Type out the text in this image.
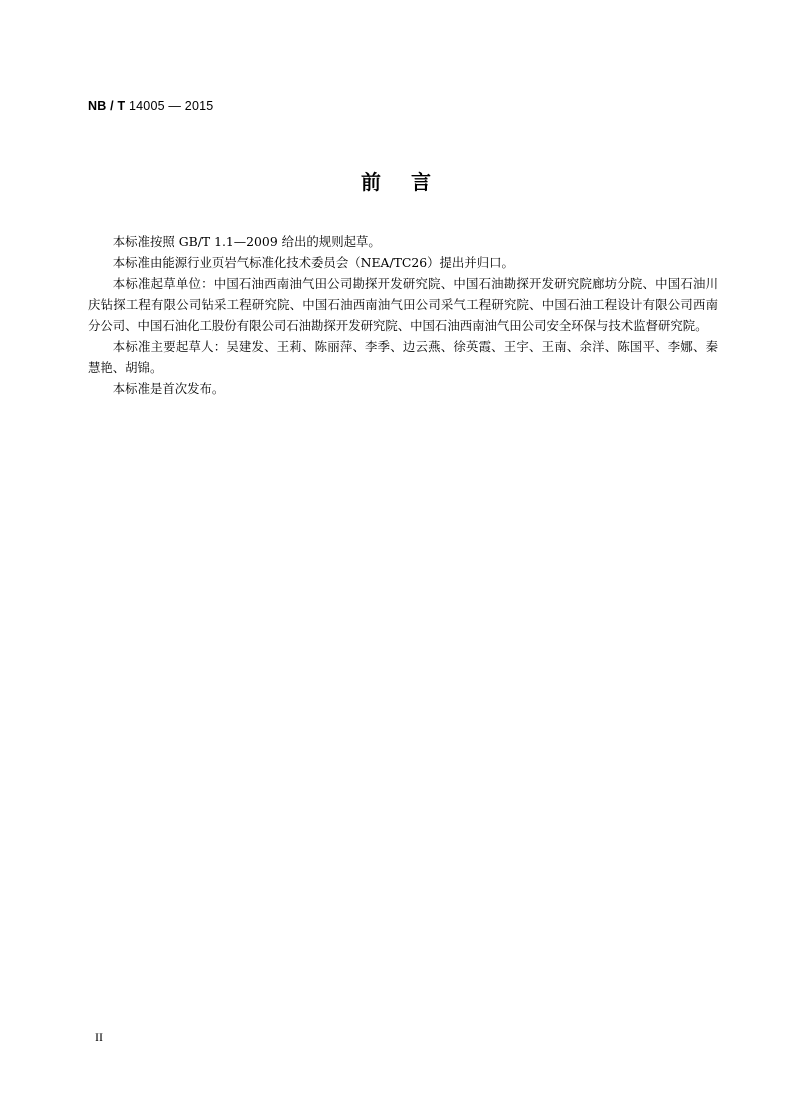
NB / T 14005 — 2015
前言

本标准按照 GB/T 1.1—2009 给出的规则起草。

本标准由能源行业页岩气标准化技术委员会（NEA/TC26）提出并归口。

本标准起草单位：中国石油西南油气田公司勘探开发研究院、中国石油勘探开发研究院廊坊分院、中国石油川庆钻探工程有限公司钻采工程研究院、中国石油西南油气田公司采气工程研究院、中国石油工程设计有限公司西南分公司、中国石油化工股份有限公司石油勘探开发研究院、中国石油西南油气田公司安全环保与技术监督研究院。

本标准主要起草人：吴建发、王莉、陈丽萍、李季、边云燕、徐英霞、王宇、王南、余洋、陈国平、李娜、秦慧艳、胡锦。

本标准是首次发布。

II
